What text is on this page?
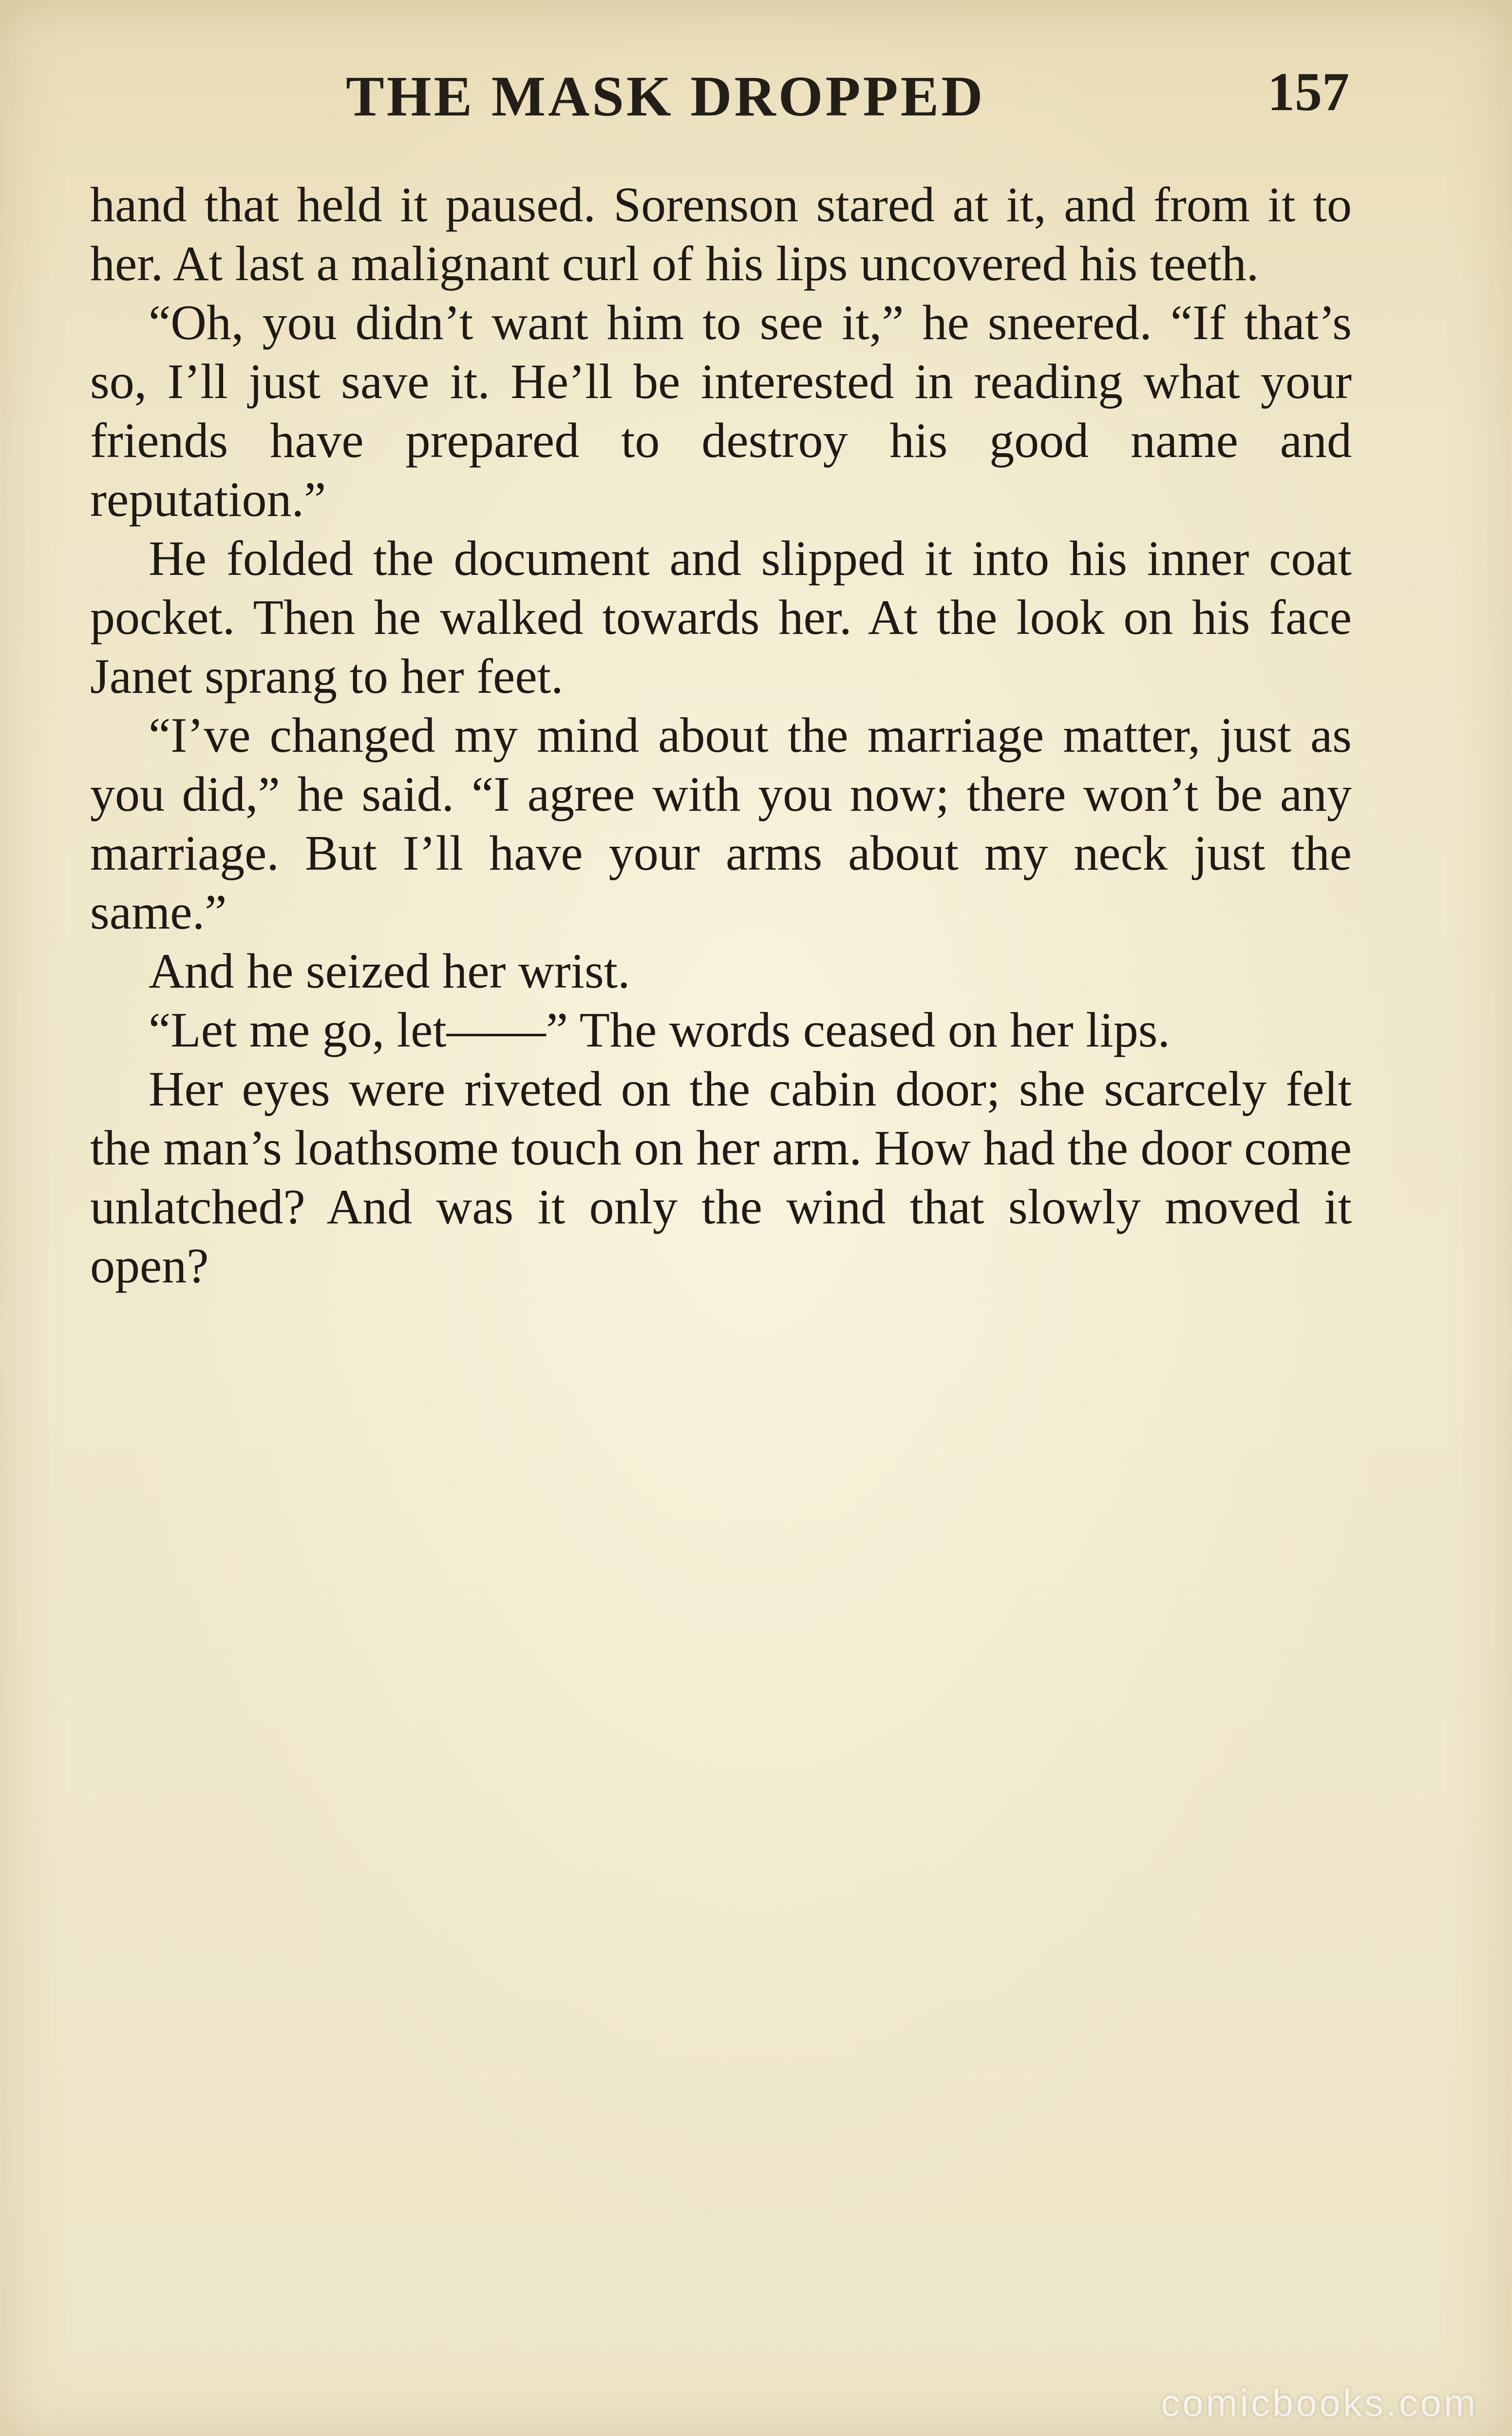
THE MASK DROPPED	157

hand that held it paused. Sorenson stared at it, and from it to her. At last a malignant curl of his lips uncovered his teeth.

“Oh, you didn’t want him to see it,” he sneered. “If that’s so, I’ll just save it. He’ll be interested in reading what your friends have prepared to destroy his good name and reputation.”

He folded the document and slipped it into his inner coat pocket. Then he walked towards her. At the look on his face Janet sprang to her feet.

“I’ve changed my mind about the marriage matter, just as you did,” he said. “I agree with you now; there won’t be any marriage. But I’ll have your arms about my neck just the same.”

And he seized her wrist.

“Let me go, let——” The words ceased on her lips.

Her eyes were riveted on the cabin door; she scarcely felt the man’s loathsome touch on her arm. How had the door come unlatched? And was it only the wind that slowly moved it open?

comicbooks.com
